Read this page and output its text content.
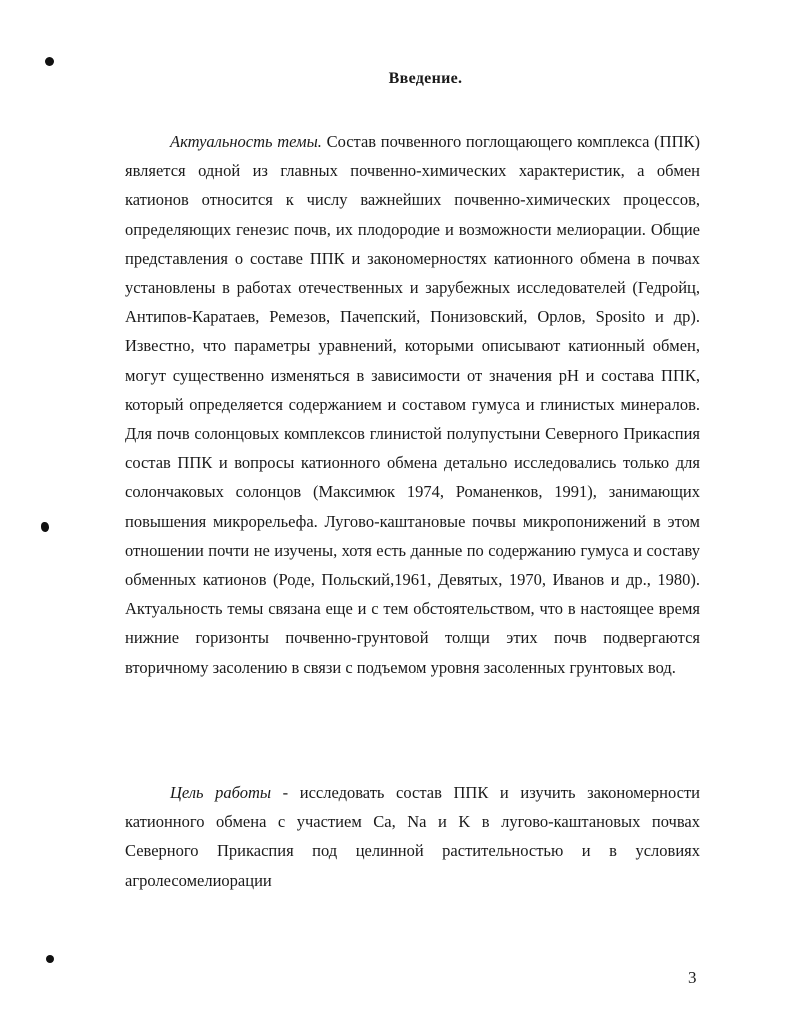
Введение.

Актуальность темы. Состав почвенного поглощающего комплекса (ППК) является одной из главных почвенно-химических характеристик, а обмен катионов относится к числу важнейших почвенно-химических процессов, определяющих генезис почв, их плодородие и возможности мелиорации. Общие представления о составе ППК и закономерностях катионного обмена в почвах установлены в работах отечественных и зарубежных исследователей (Гедройц, Антипов-Каратаев, Ремезов, Пачепский, Понизовский, Орлов, Sposito и др). Известно, что параметры уравнений, которыми описывают катионный обмен, могут существенно изменяться в зависимости от значения pH и состава ППК, который определяется содержанием и составом гумуса и глинистых минералов. Для почв солонцовых комплексов глинистой полупустыни Северного Прикаспия состав ППК и вопросы катионного обмена детально исследовались только для солончаковых солонцов (Максимюк 1974, Романенков, 1991), занимающих повышения микрорельефа. Лугово-каштановые почвы микропонижений в этом отношении почти не изучены, хотя есть данные по содержанию гумуса и составу обменных катионов (Роде, Польский,1961, Девятых, 1970, Иванов и др., 1980). Актуальность темы связана еще и с тем обстоятельством, что в настоящее время нижние горизонты почвенно-грунтовой толщи этих почв подвергаются вторичному засолению в связи с подъемом уровня засоленных грунтовых вод.

Цель работы - исследовать состав ППК и изучить закономерности катионного обмена с участием Ca, Na и K в лугово-каштановых почвах Северного Прикаспия под целинной растительностью и в условиях агролесомелиорации

3
